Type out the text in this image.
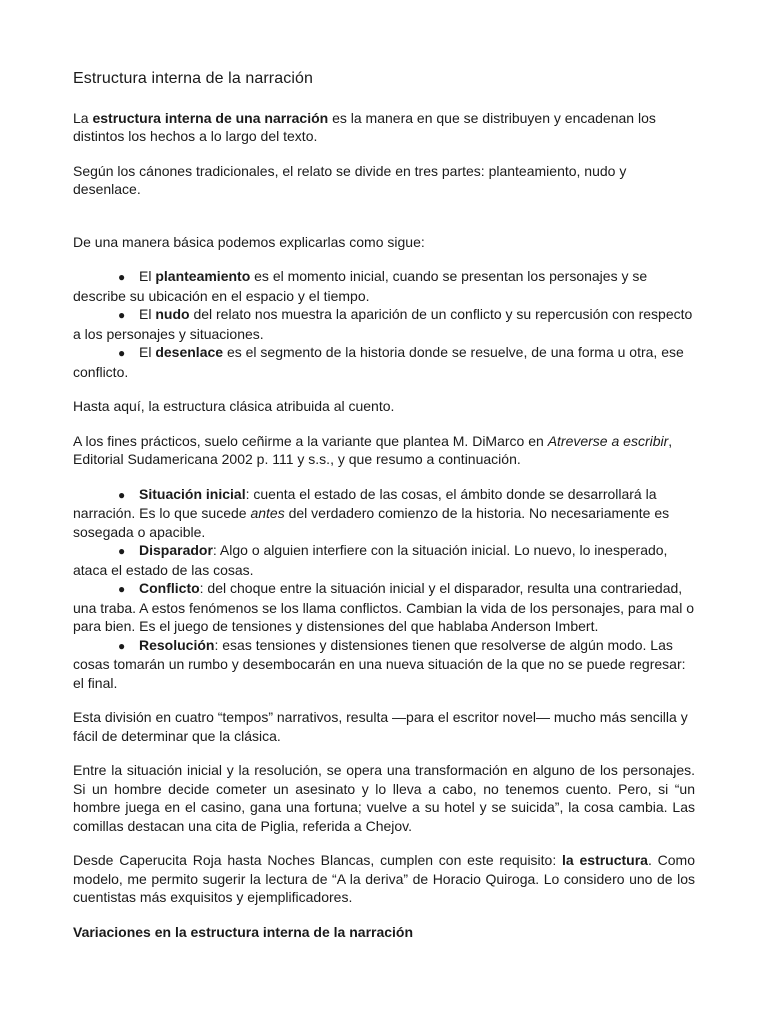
Estructura interna de la narración

La estructura interna de una narración es la manera en que se distribuyen y encadenan los distintos los hechos a lo largo del texto.

Según los cánones tradicionales, el relato se divide en tres partes: planteamiento, nudo y desenlace.

De una manera básica podemos explicarlas como sigue:

● El planteamiento es el momento inicial, cuando se presentan los personajes y se describe su ubicación en el espacio y el tiempo.
● El nudo del relato nos muestra la aparición de un conflicto y su repercusión con respecto a los personajes y situaciones.
● El desenlace es el segmento de la historia donde se resuelve, de una forma u otra, ese conflicto.

Hasta aquí, la estructura clásica atribuida al cuento.

A los fines prácticos, suelo ceñirme a la variante que plantea M. DiMarco en Atreverse a escribir, Editorial Sudamericana 2002 p. 111 y s.s., y que resumo a continuación.

● Situación inicial: cuenta el estado de las cosas, el ámbito donde se desarrollará la narración. Es lo que sucede antes del verdadero comienzo de la historia. No necesariamente es sosegada o apacible.
● Disparador: Algo o alguien interfiere con la situación inicial. Lo nuevo, lo inesperado, ataca el estado de las cosas.
● Conflicto: del choque entre la situación inicial y el disparador, resulta una contrariedad, una traba. A estos fenómenos se los llama conflictos. Cambian la vida de los personajes, para mal o para bien. Es el juego de tensiones y distensiones del que hablaba Anderson Imbert.
● Resolución: esas tensiones y distensiones tienen que resolverse de algún modo. Las cosas tomarán un rumbo y desembocarán en una nueva situación de la que no se puede regresar: el final.

Esta división en cuatro “tempos” narrativos, resulta —para el escritor novel— mucho más sencilla y fácil de determinar que la clásica.

Entre la situación inicial y la resolución, se opera una transformación en alguno de los personajes. Si un hombre decide cometer un asesinato y lo lleva a cabo, no tenemos cuento. Pero, si “un hombre juega en el casino, gana una fortuna; vuelve a su hotel y se suicida”, la cosa cambia. Las comillas destacan una cita de Piglia, referida a Chejov.

Desde Caperucita Roja hasta Noches Blancas, cumplen con este requisito: la estructura. Como modelo, me permito sugerir la lectura de “A la deriva” de Horacio Quiroga. Lo considero uno de los cuentistas más exquisitos y ejemplificadores.

Variaciones en la estructura interna de la narración
